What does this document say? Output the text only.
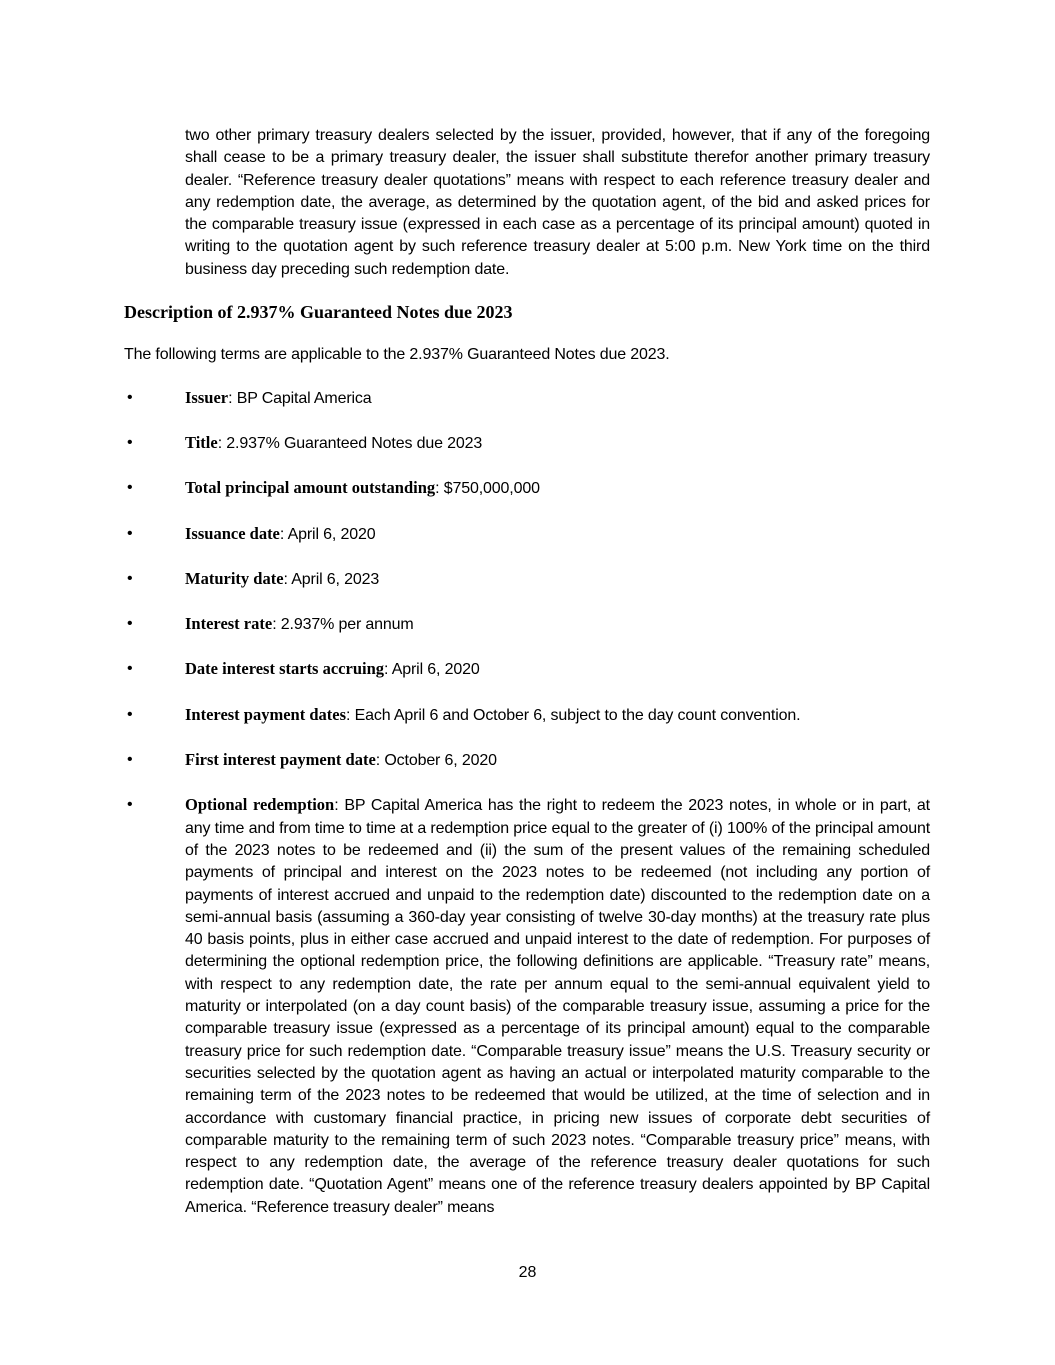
two other primary treasury dealers selected by the issuer, provided, however, that if any of the foregoing shall cease to be a primary treasury dealer, the issuer shall substitute therefor another primary treasury dealer. “Reference treasury dealer quotations” means with respect to each reference treasury dealer and any redemption date, the average, as determined by the quotation agent, of the bid and asked prices for the comparable treasury issue (expressed in each case as a percentage of its principal amount) quoted in writing to the quotation agent by such reference treasury dealer at 5:00 p.m. New York time on the third business day preceding such redemption date.

Description of 2.937% Guaranteed Notes due 2023

The following terms are applicable to the 2.937% Guaranteed Notes due 2023.

•	Issuer: BP Capital America
•	Title: 2.937% Guaranteed Notes due 2023
•	Total principal amount outstanding: $750,000,000
•	Issuance date: April 6, 2020
•	Maturity date: April 6, 2023
•	Interest rate: 2.937% per annum
•	Date interest starts accruing: April 6, 2020
•	Interest payment dates: Each April 6 and October 6, subject to the day count convention.
•	First interest payment date: October 6, 2020
•	Optional redemption: BP Capital America has the right to redeem the 2023 notes, in whole or in part, at any time and from time to time at a redemption price equal to the greater of (i) 100% of the principal amount of the 2023 notes to be redeemed and (ii) the sum of the present values of the remaining scheduled payments of principal and interest on the 2023 notes to be redeemed (not including any portion of payments of interest accrued and unpaid to the redemption date) discounted to the redemption date on a semi-annual basis (assuming a 360-day year consisting of twelve 30-day months) at the treasury rate plus 40 basis points, plus in either case accrued and unpaid interest to the date of redemption. For purposes of determining the optional redemption price, the following definitions are applicable. “Treasury rate” means, with respect to any redemption date, the rate per annum equal to the semi-annual equivalent yield to maturity or interpolated (on a day count basis) of the comparable treasury issue, assuming a price for the comparable treasury issue (expressed as a percentage of its principal amount) equal to the comparable treasury price for such redemption date. “Comparable treasury issue” means the U.S. Treasury security or securities selected by the quotation agent as having an actual or interpolated maturity comparable to the remaining term of the 2023 notes to be redeemed that would be utilized, at the time of selection and in accordance with customary financial practice, in pricing new issues of corporate debt securities of comparable maturity to the remaining term of such 2023 notes. “Comparable treasury price” means, with respect to any redemption date, the average of the reference treasury dealer quotations for such redemption date. “Quotation Agent” means one of the reference treasury dealers appointed by BP Capital America. “Reference treasury dealer” means
28
